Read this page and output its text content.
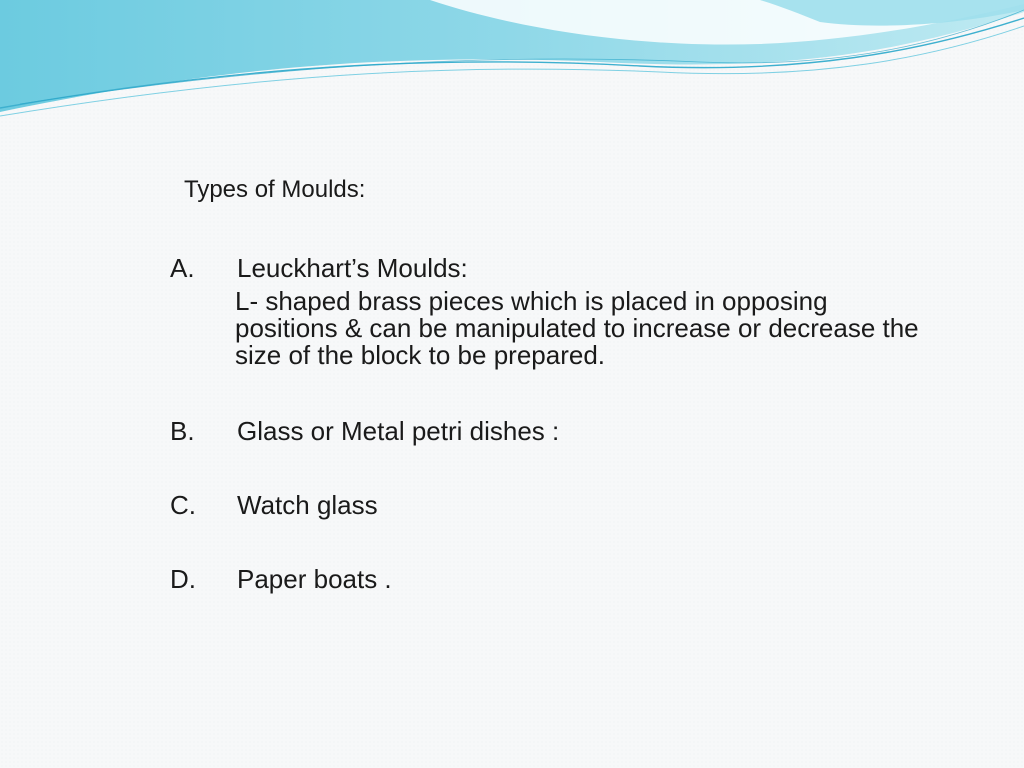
Types of Moulds:
A. Leuckhart’s Moulds:
L- shaped brass pieces which is placed in opposing
positions & can be manipulated to increase or decrease the
size of the block to be prepared.
B. Glass or Metal petri dishes :
C. Watch glass
D. Paper boats .
